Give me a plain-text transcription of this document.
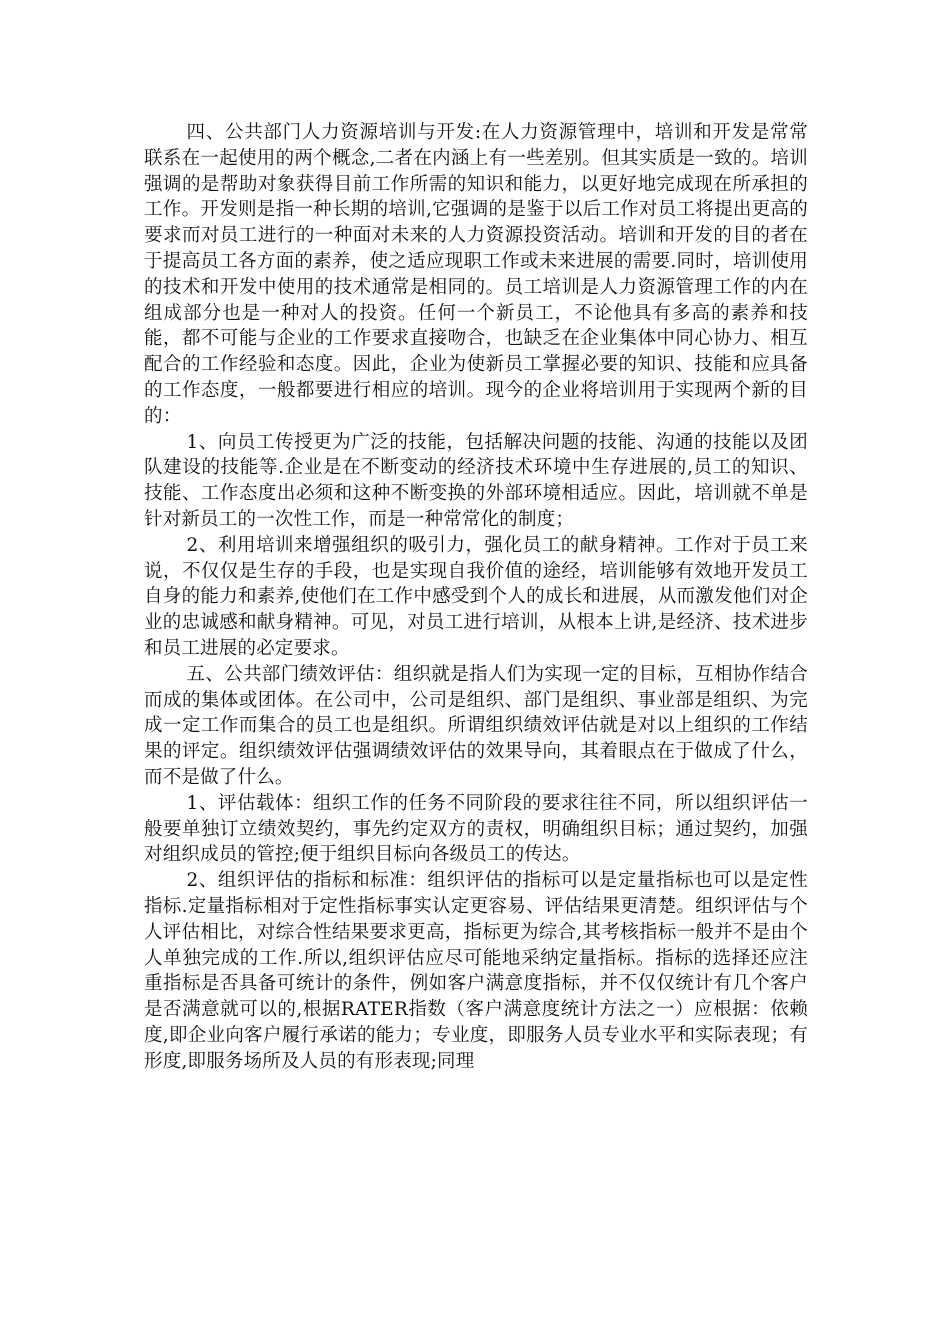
四、公共部门人力资源培训与开发:在人力资源管理中，培训和开发是常常联系在一起使用的两个概念,二者在内涵上有一些差别。但其实质是一致的。培训强调的是帮助对象获得目前工作所需的知识和能力，以更好地完成现在所承担的工作。开发则是指一种长期的培训,它强调的是鉴于以后工作对员工将提出更高的要求而对员工进行的一种面对未来的人力资源投资活动。培训和开发的目的者在于提高员工各方面的素养，使之适应现职工作或未来进展的需要.同时，培训使用的技术和开发中使用的技术通常是相同的。员工培训是人力资源管理工作的内在组成部分也是一种对人的投资。任何一个新员工，不论他具有多高的素养和技能，都不可能与企业的工作要求直接吻合，也缺乏在企业集体中同心协力、相互配合的工作经验和态度。因此，企业为使新员工掌握必要的知识、技能和应具备的工作态度，一般都要进行相应的培训。现今的企业将培训用于实现两个新的目的：

1、向员工传授更为广泛的技能，包括解决问题的技能、沟通的技能以及团队建设的技能等.企业是在不断变动的经济技术环境中生存进展的,员工的知识、技能、工作态度出必须和这种不断变换的外部环境相适应。因此，培训就不单是针对新员工的一次性工作，而是一种常常化的制度；

2、利用培训来增强组织的吸引力，强化员工的献身精神。工作对于员工来说，不仅仅是生存的手段，也是实现自我价值的途经，培训能够有效地开发员工自身的能力和素养,使他们在工作中感受到个人的成长和进展，从而激发他们对企业的忠诚感和献身精神。可见，对员工进行培训，从根本上讲,是经济、技术进步和员工进展的必定要求。

五、公共部门绩效评估：组织就是指人们为实现一定的目标，互相协作结合而成的集体或团体。在公司中，公司是组织、部门是组织、事业部是组织、为完成一定工作而集合的员工也是组织。所谓组织绩效评估就是对以上组织的工作结果的评定。组织绩效评估强调绩效评估的效果导向，其着眼点在于做成了什么，而不是做了什么。

1、评估载体：组织工作的任务不同阶段的要求往往不同，所以组织评估一般要单独订立绩效契约，事先约定双方的责权，明确组织目标；通过契约，加强对组织成员的管控;便于组织目标向各级员工的传达。

2、组织评估的指标和标准：组织评估的指标可以是定量指标也可以是定性指标.定量指标相对于定性指标事实认定更容易、评估结果更清楚。组织评估与个人评估相比，对综合性结果要求更高，指标更为综合,其考核指标一般并不是由个人单独完成的工作.所以,组织评估应尽可能地采纳定量指标。指标的选择还应注重指标是否具备可统计的条件，例如客户满意度指标，并不仅仅统计有几个客户是否满意就可以的,根据RATER指数（客户满意度统计方法之一）应根据：依赖度,即企业向客户履行承诺的能力；专业度，即服务人员专业水平和实际表现；有形度,即服务场所及人员的有形表现;同理
